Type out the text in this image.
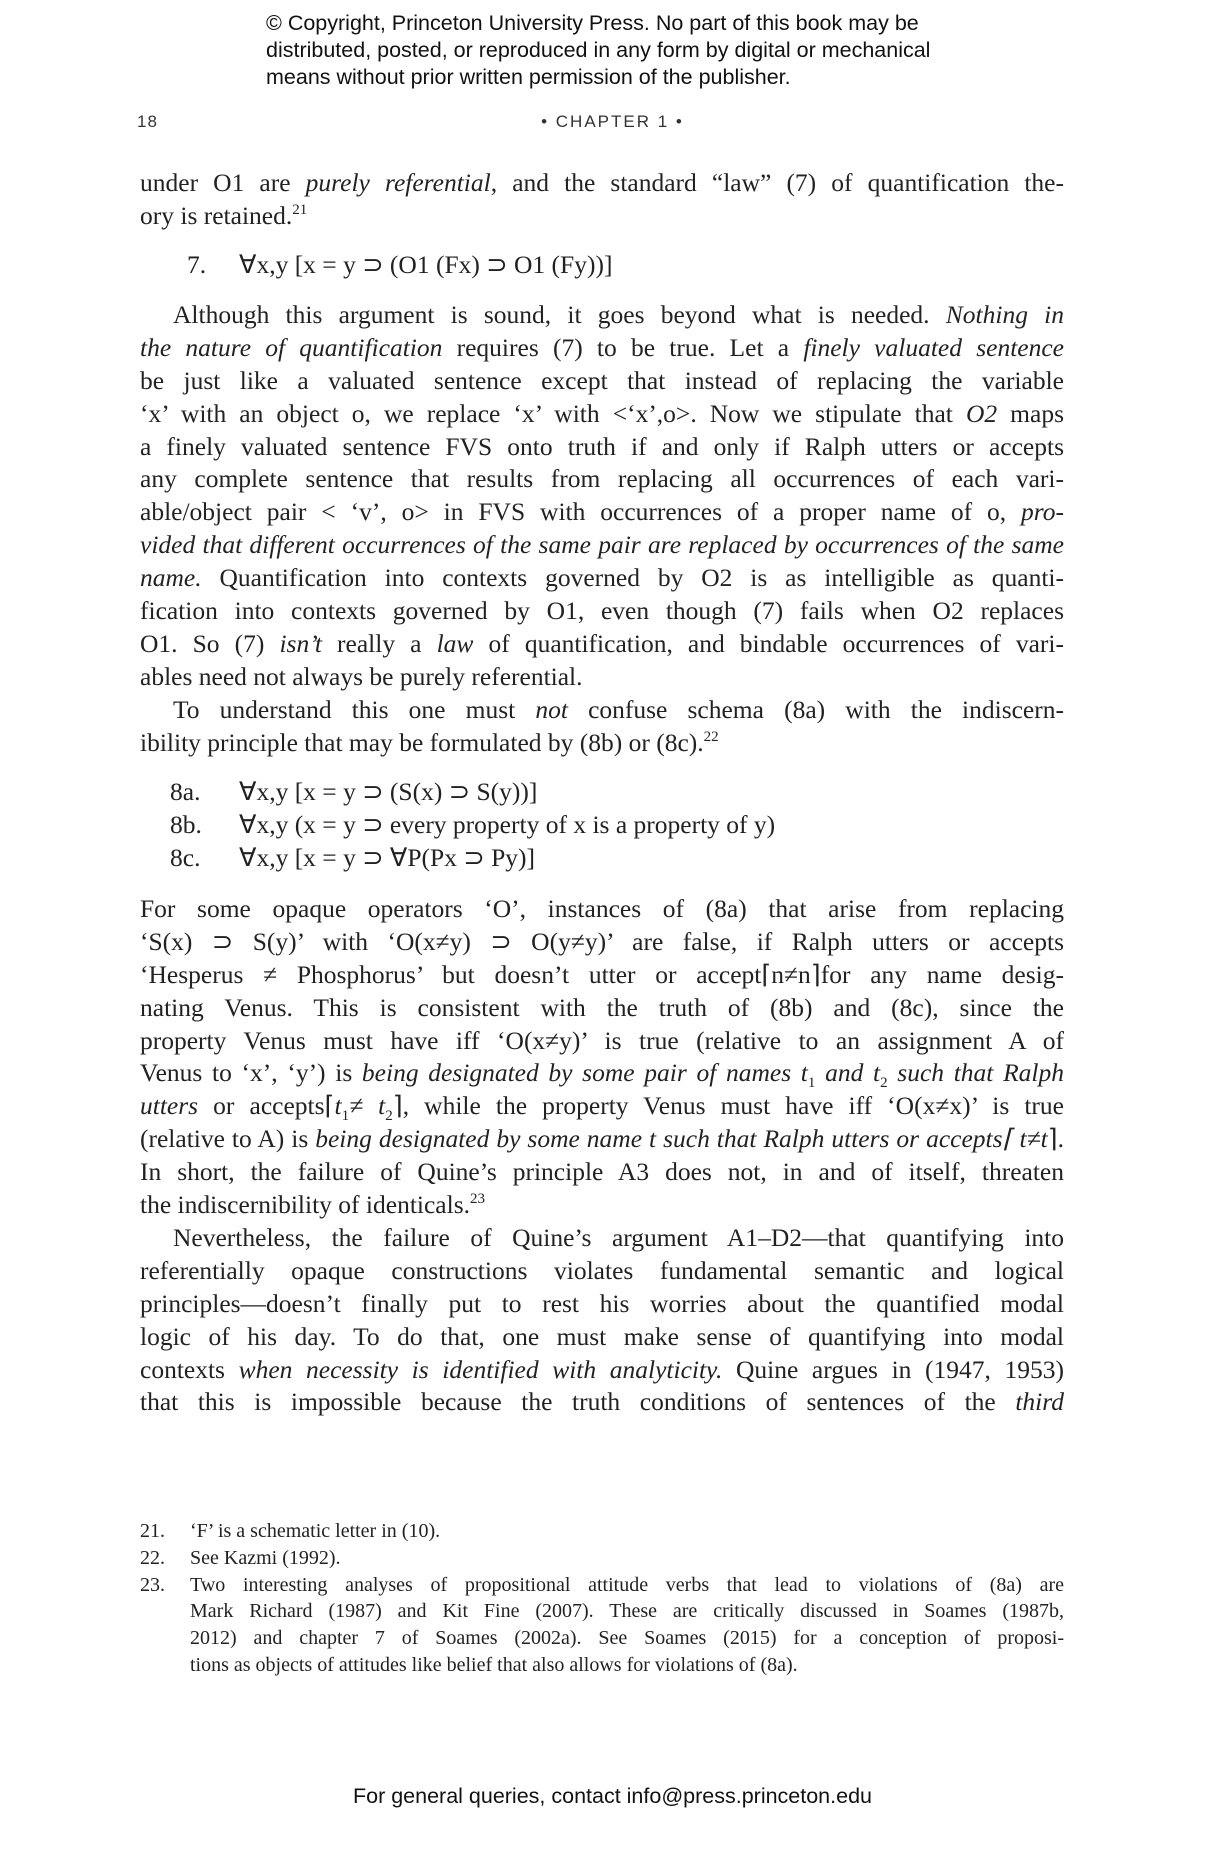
© Copyright, Princeton University Press. No part of this book may be
distributed, posted, or reproduced in any form by digital or mechanical
means without prior written permission of the publisher.
18	• CHAPTER 1 •
under O1 are purely referential, and the standard “law” (7) of quantification the-
ory is retained.$^{21}$
7. ∀x,y [x = y ⊃ (O1 (Fx) ⊃ O1 (Fy))]
Although this argument is sound, it goes beyond what is needed. Nothing in
the nature of quantification requires (7) to be true. Let a finely valuated sentence
be just like a valuated sentence except that instead of replacing the variable
‘x’ with an object o, we replace ‘x’ with <‘x’,o>. Now we stipulate that O2 maps
a finely valuated sentence FVS onto truth if and only if Ralph utters or accepts
any complete sentence that results from replacing all occurrences of each vari-
able/object pair < ‘v’, o> in FVS with occurrences of a proper name of o, pro-
vided that different occurrences of the same pair are replaced by occurrences of the same
name. Quantification into contexts governed by O2 is as intelligible as quanti-
fication into contexts governed by O1, even though (7) fails when O2 replaces
O1. So (7) isn’t really a law of quantification, and bindable occurrences of vari-
ables need not always be purely referential.
To understand this one must not confuse schema (8a) with the indiscern-
ibility principle that may be formulated by (8b) or (8c).$^{22}$
8a. ∀x,y [x = y ⊃ (S(x) ⊃ S(y))]
8b. ∀x,y (x = y ⊃ every property of x is a property of y)
8c. ∀x,y [x = y ⊃ ∀P(Px ⊃ Py)]
For some opaque operators ‘O’, instances of (8a) that arise from replacing
‘S(x) ⊃ S(y)’ with ‘O(x≠y) ⊃ O(y≠y)’ are false, if Ralph utters or accepts
‘Hesperus ≠ Phosphorus’ but doesn’t utter or accept⌈n≠n⌉for any name desig-
nating Venus. This is consistent with the truth of (8b) and (8c), since the
property Venus must have iff ‘O(x≠y)’ is true (relative to an assignment A of
Venus to ‘x’, ‘y’) is being designated by some pair of names $t_1$ and $t_2$ such that Ralph
utters or $accepts⌈t_1\ne$ $t_2⌉$, while the property Venus must have iff ‘O(x≠x)’ is true
(relative to A) is being designated by some name t such that Ralph utters or accepts⌈ t≠t⌉.
In short, the failure of Quine’s principle A3 does not, in and of itself, threaten
the indiscernibility of identicals.$^{23}$
Nevertheless, the failure of Quine’s argument A1–D2—that quantifying into
referentially opaque constructions violates fundamental semantic and logical
principles—doesn’t finally put to rest his worries about the quantified modal
logic of his day. To do that, one must make sense of quantifying into modal
contexts when necessity is identified with analyticity. Quine argues in (1947, 1953)
that this is impossible because the truth conditions of sentences of the third
21. ‘F’ is a schematic letter in (10).
22. See Kazmi (1992).
23. Two interesting analyses of propositional attitude verbs that lead to violations of (8a) are
Mark Richard (1987) and Kit Fine (2007). These are critically discussed in Soames (1987b,
2012) and chapter 7 of Soames (2002a). See Soames (2015) for a conception of proposi-
tions as objects of attitudes like belief that also allows for violations of (8a).
For general queries, contact info@press.princeton.edu
